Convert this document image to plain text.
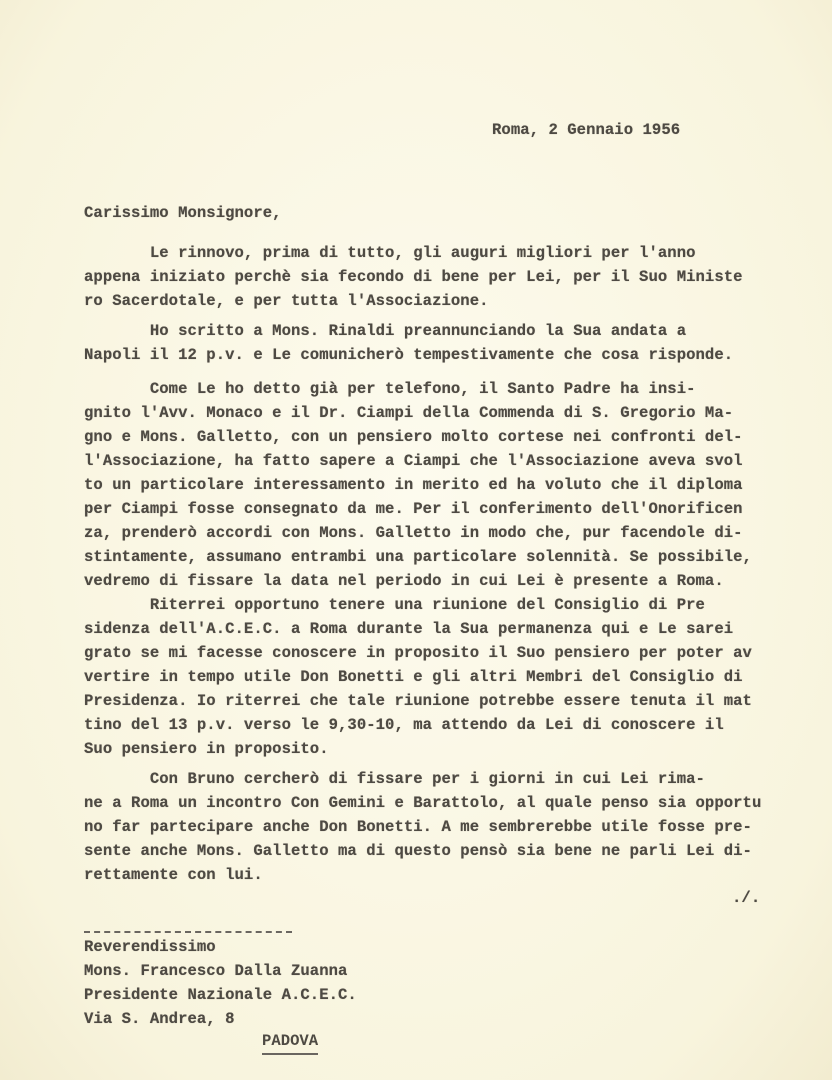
Roma, 2 Gennaio 1956
Carissimo Monsignore,
Le rinnovo, prima di tutto, gli auguri migliori per l'anno
appena iniziato perchè sia fecondo di bene per Lei, per il Suo Ministe
ro Sacerdotale, e per tutta l'Associazione.
Ho scritto a Mons. Rinaldi preannunciando la Sua andata a
Napoli il 12 p.v. e Le comunicherò tempestivamente che cosa risponde.
Come Le ho detto già per telefono, il Santo Padre ha insi-
gnito l'Avv. Monaco e il Dr. Ciampi della Commenda di S. Gregorio Ma-
gno e Mons. Galletto, con un pensiero molto cortese nei confronti del-
l'Associazione, ha fatto sapere a Ciampi che l'Associazione aveva svol
to un particolare interessamento in merito ed ha voluto che il diploma
per Ciampi fosse consegnato da me. Per il conferimento dell'Onorificen
za, prenderò accordi con Mons. Galletto in modo che, pur facendole di-
stintamente, assumano entrambi una particolare solennità. Se possibile,
vedremo di fissare la data nel periodo in cui Lei è presente a Roma.
Riterrei opportuno tenere una riunione del Consiglio di Pre
sidenza dell'A.C.E.C. a Roma durante la Sua permanenza qui e Le sarei
grato se mi facesse conoscere in proposito il Suo pensiero per poter av
vertire in tempo utile Don Bonetti e gli altri Membri del Consiglio di
Presidenza. Io riterrei che tale riunione potrebbe essere tenuta il mat
tino del 13 p.v. verso le 9,30-10, ma attendo da Lei di conoscere il
Suo pensiero in proposito.
Con Bruno cercherò di fissare per i giorni in cui Lei rima-
ne a Roma un incontro Con Gemini e Barattolo, al quale penso sia opportu
no far partecipare anche Don Bonetti. A me sembrerebbe utile fosse pre-
sente anche Mons. Galletto ma di questo pensò sia bene ne parli Lei di-
rettamente con lui.
./.
Reverendissimo
Mons. Francesco Dalla Zuanna
Presidente Nazionale A.C.E.C.
Via S. Andrea, 8
PADOVA
